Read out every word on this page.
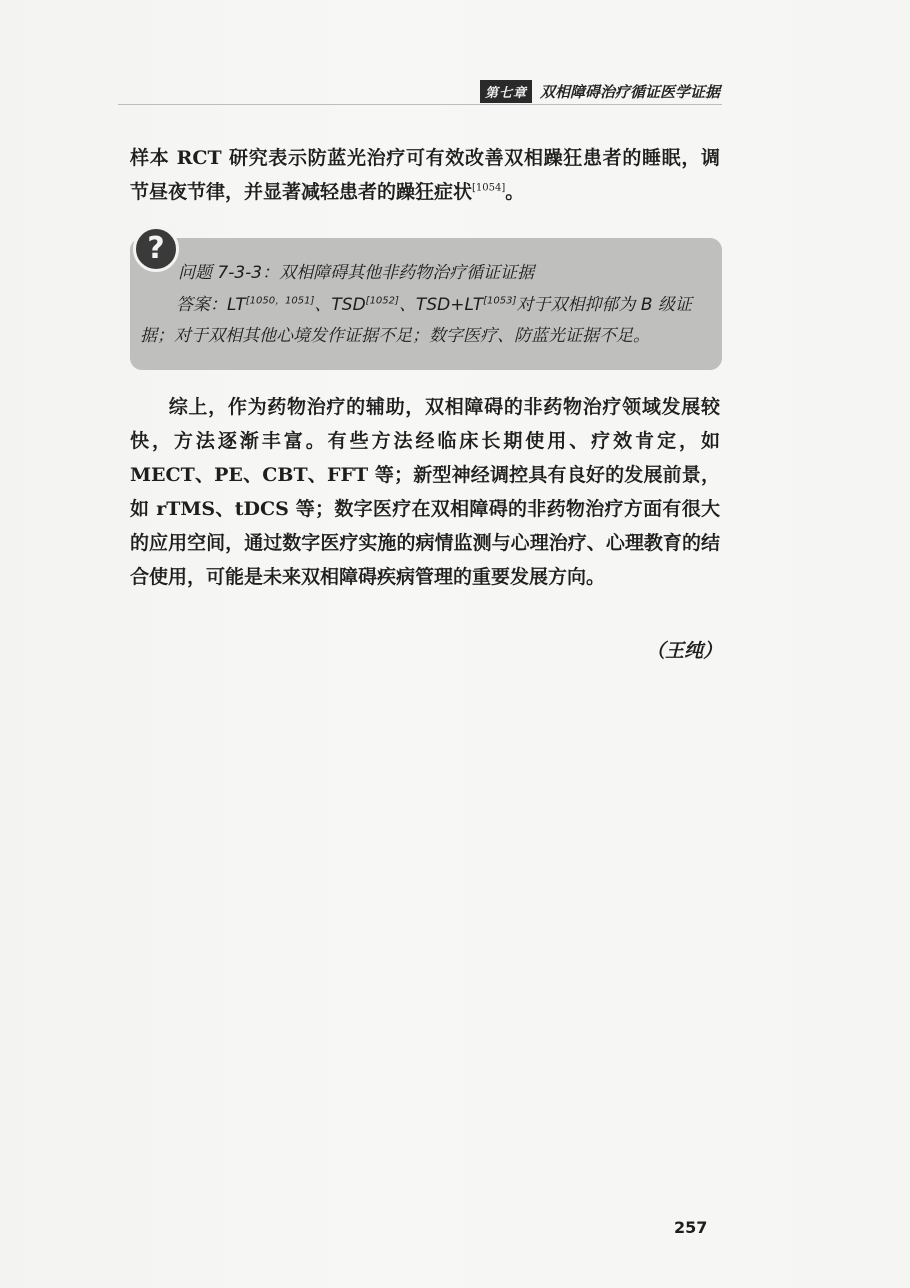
第七章 双相障碍治疗循证医学证据

样本 RCT 研究表示防蓝光治疗可有效改善双相躁狂患者的睡眠，调节昼夜节律，并显著减轻患者的躁狂症状[1054]。

?

问题 7-3-3：双相障碍其他非药物治疗循证证据

答案：LT[1050，1051]、TSD[1052]、TSD+LT[1053]对于双相抑郁为 B 级证据；对于双相其他心境发作证据不足；数字医疗、防蓝光证据不足。

综上，作为药物治疗的辅助，双相障碍的非药物治疗领域发展较快，方法逐渐丰富。有些方法经临床长期使用、疗效肯定，如 MECT、PE、CBT、FFT 等；新型神经调控具有良好的发展前景，如 rTMS、tDCS 等；数字医疗在双相障碍的非药物治疗方面有很大的应用空间，通过数字医疗实施的病情监测与心理治疗、心理教育的结合使用，可能是未来双相障碍疾病管理的重要发展方向。

（王纯）

257
